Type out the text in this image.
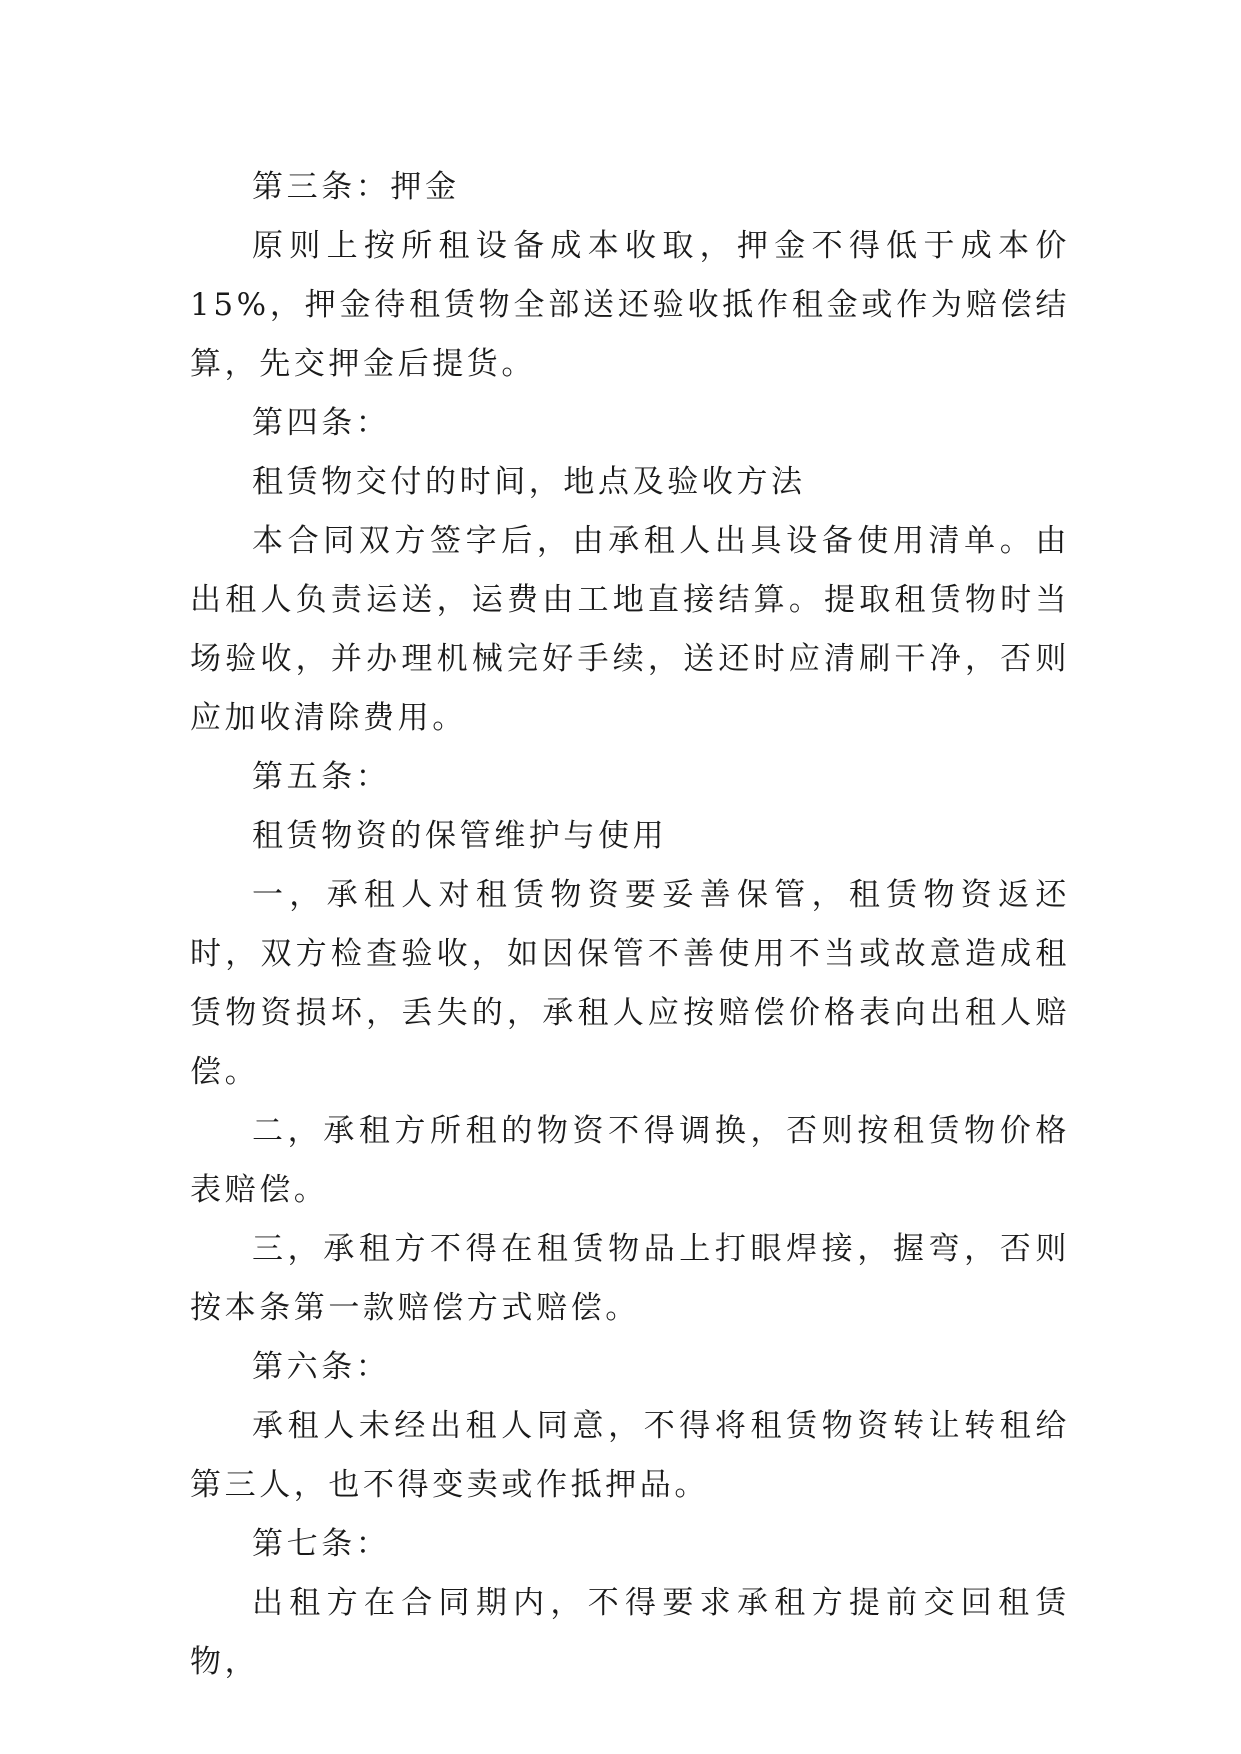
第三条：押金

原则上按所租设备成本收取，押金不得低于成本价15%，押金待租赁物全部送还验收抵作租金或作为赔偿结算，先交押金后提货。

第四条：

租赁物交付的时间，地点及验收方法

本合同双方签字后，由承租人出具设备使用清单。由出租人负责运送，运费由工地直接结算。提取租赁物时当场验收，并办理机械完好手续，送还时应清刷干净，否则应加收清除费用。

第五条：

租赁物资的保管维护与使用

一，承租人对租赁物资要妥善保管，租赁物资返还时，双方检查验收，如因保管不善使用不当或故意造成租赁物资损坏，丢失的，承租人应按赔偿价格表向出租人赔偿。

二，承租方所租的物资不得调换，否则按租赁物价格表赔偿。

三，承租方不得在租赁物品上打眼焊接，握弯，否则按本条第一款赔偿方式赔偿。

第六条：

承租人未经出租人同意，不得将租赁物资转让转租给第三人，也不得变卖或作抵押品。

第七条：

出租方在合同期内，不得要求承租方提前交回租赁物，
